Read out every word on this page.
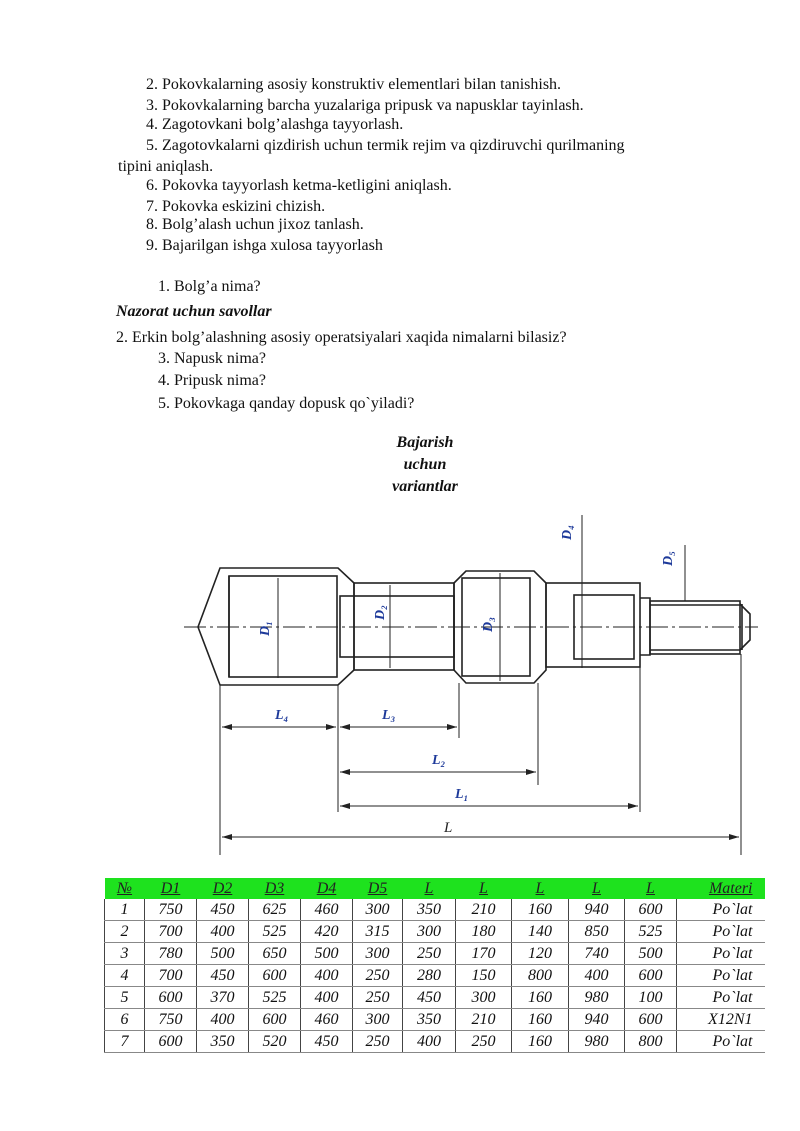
2. Pokovkalarning asosiy konstruktiv elementlari bilan tanishish.
3. Pokovkalarning barcha yuzalariga pripusk va napusklar tayinlash.
4. Zagotovkani bolg’alashga tayyorlash.
5. Zagotovkalarni qizdirish uchun termik rejim va qizdiruvchi qurilmaning
tipini aniqlash.
6. Pokovka tayyorlash ketma-ketligini aniqlash.
7. Pokovka eskizini chizish.
8. Bolg’alash uchun jixoz tanlash.
9. Bajarilgan ishga xulosa tayyorlash
1. Bolg’a nima?
Nazorat uchun savollar
2. Erkin bolg’alashning asosiy operatsiyalari xaqida nimalarni bilasiz?
3. Napusk nima?
4. Pripusk nima?
5. Pokovkaga qanday dopusk qo`yiladi?
Bajarish
uchun
variantlar
D₁
D₂
D₃
D₄
D₅
L₄	L₃
L₂
L₁
L
№	D1	D2	D3	D4	D5	L	L	L	L	L	Materi
1	750	450	625	460	300	350	210	160	940	600	Po`lat
2	700	400	525	420	315	300	180	140	850	525	Po`lat
3	780	500	650	500	300	250	170	120	740	500	Po`lat
4	700	450	600	400	250	280	150	800	400	600	Po`lat
5	600	370	525	400	250	450	300	160	980	100	Po`lat
6	750	400	600	460	300	350	210	160	940	600	X12N1
7	600	350	520	450	250	400	250	160	980	800	Po`lat
